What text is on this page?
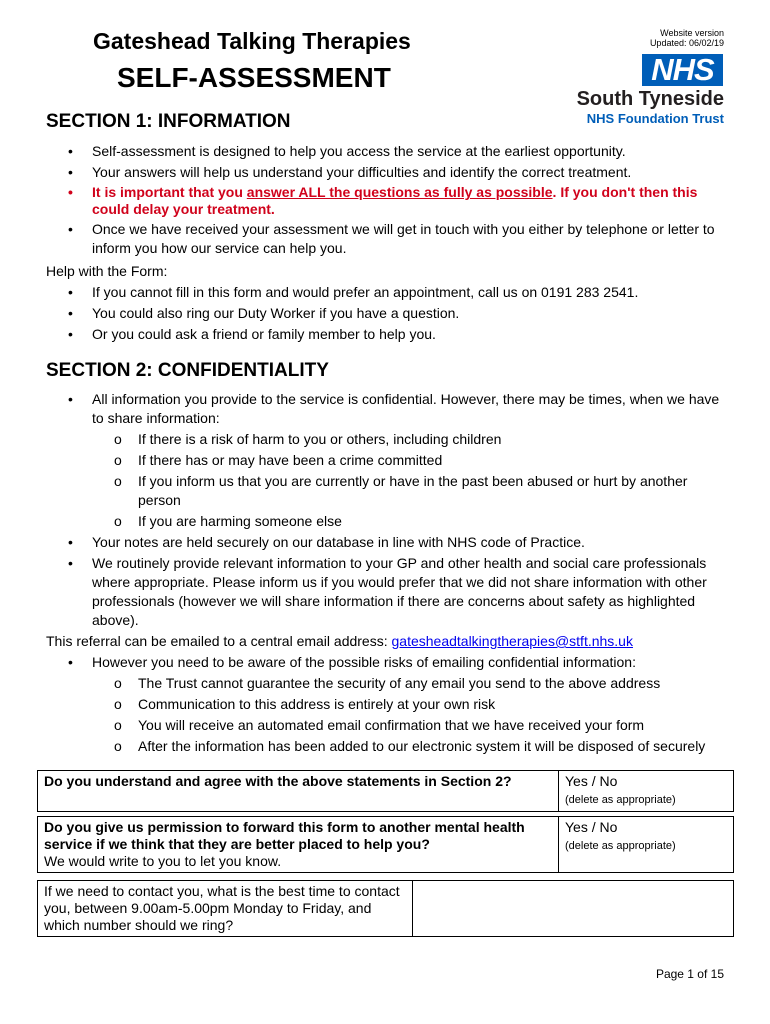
Gateshead Talking Therapies
SELF-ASSESSMENT
Website version
Updated: 06/02/19
NHS
South Tyneside
NHS Foundation Trust
SECTION 1: INFORMATION
• Self-assessment is designed to help you access the service at the earliest opportunity.
• Your answers will help us understand your difficulties and identify the correct treatment.
• It is important that you answer ALL the questions as fully as possible. If you don't then this could delay your treatment.
• Once we have received your assessment we will get in touch with you either by telephone or letter to inform you how our service can help you.
Help with the Form:
• If you cannot fill in this form and would prefer an appointment, call us on 0191 283 2541.
• You could also ring our Duty Worker if you have a question.
• Or you could ask a friend or family member to help you.
SECTION 2: CONFIDENTIALITY
• All information you provide to the service is confidential. However, there may be times, when we have to share information:
o If there is a risk of harm to you or others, including children
o If there has or may have been a crime committed
o If you inform us that you are currently or have in the past been abused or hurt by another person
o If you are harming someone else
• Your notes are held securely on our database in line with NHS code of Practice.
• We routinely provide relevant information to your GP and other health and social care professionals where appropriate. Please inform us if you would prefer that we did not share information with other professionals (however we will share information if there are concerns about safety as highlighted above).
This referral can be emailed to a central email address: gatesheadtalkingtherapies@stft.nhs.uk
• However you need to be aware of the possible risks of emailing confidential information:
o The Trust cannot guarantee the security of any email you send to the above address
o Communication to this address is entirely at your own risk
o You will receive an automated email confirmation that we have received your form
o After the information has been added to our electronic system it will be disposed of securely
Do you understand and agree with the above statements in Section 2?	Yes / No
(delete as appropriate)
Do you give us permission to forward this form to another mental health service if we think that they are better placed to help you?
We would write to you to let you know.	Yes / No
(delete as appropriate)
If we need to contact you, what is the best time to contact you, between 9.00am-5.00pm Monday to Friday, and which number should we ring?	
Page 1 of 15
